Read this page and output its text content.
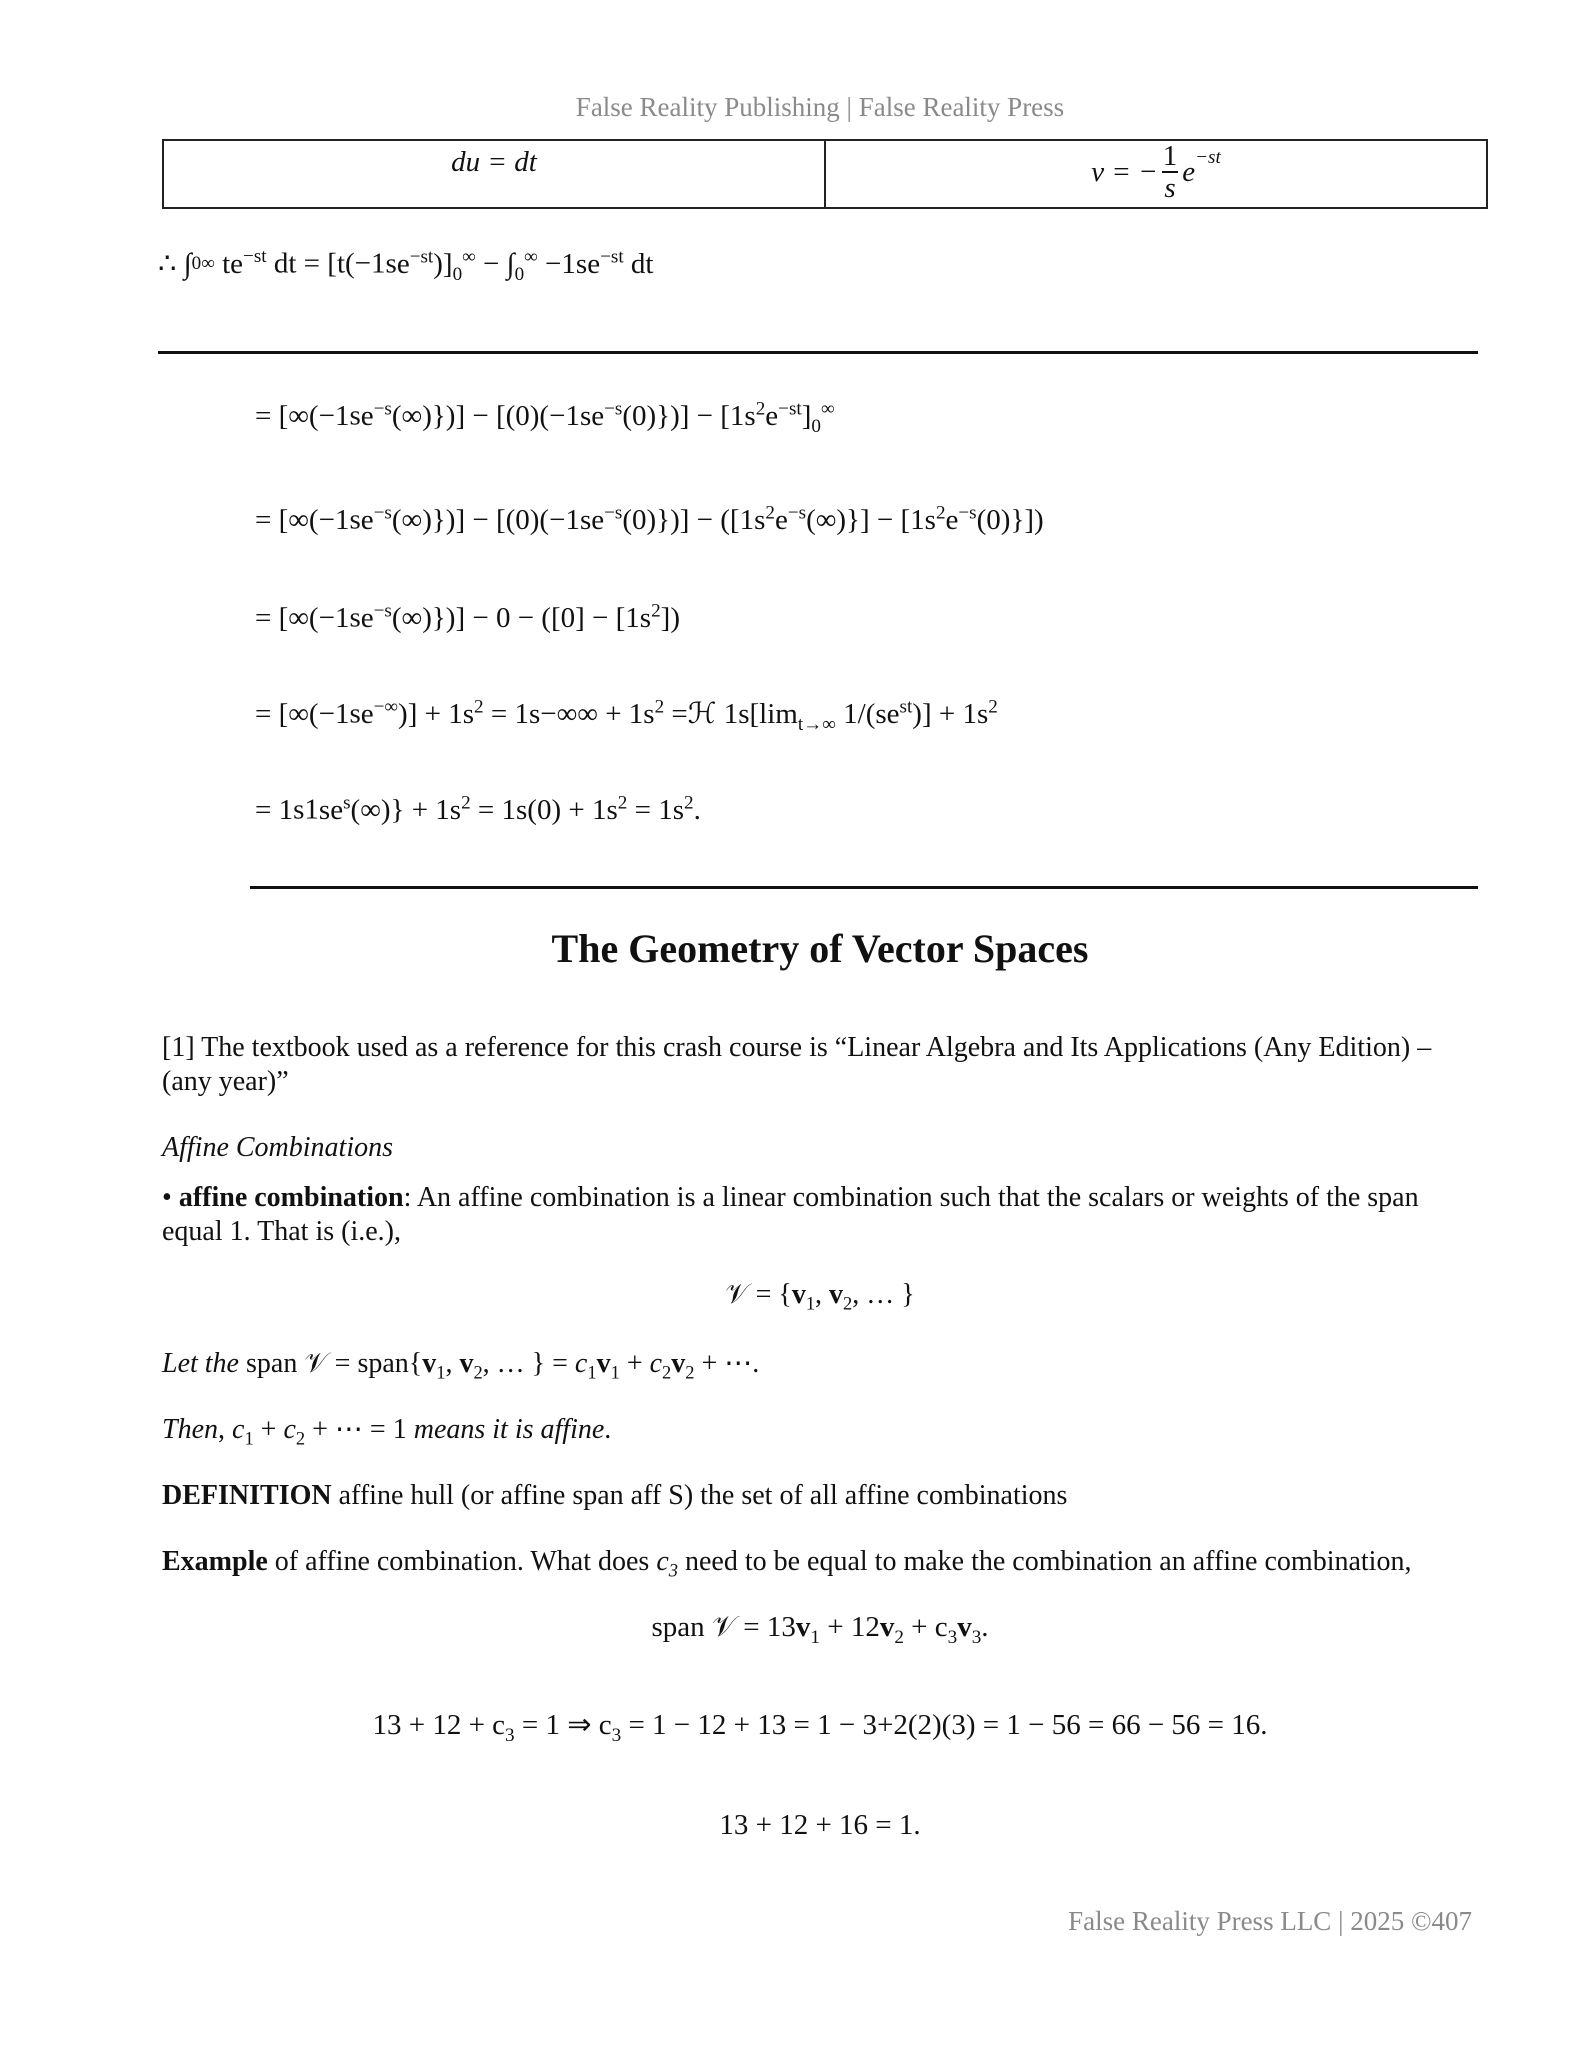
False Reality Publishing | False Reality Press
du = dt	v = − $\frac{1}{s} e^{-st}$
∴ ∫ 0 ∞
te $^{-st}$ dt = $[t(-1se^{-st})]_0^\infty - \int_0^\infty -1se^{-st}$ dt
= [∞(− 1 $se^{-s}(\infty)\})] - [(0)(-1se^{-s}(0)\})] - [1s^2e^{-st}]_0^\infty$
= [∞(− 1 $se^{-s}(\infty)\})] - [(0)(-1se^{-s}(0)\})] - ([1s^2e^{-s}(\infty)\}] - [1s^2e^{-s}(0)\}$])
= [∞(− 1 $se^{-s}(\infty)\})] - 0 - ([0] - [1s^2])$
= [∞(− 1 $se^{-\infty})] + 1s^2 = 1s-\infty\infty + 1s^2$ =ℋ $1s[\lim_{t\to\infty}$ $1/(se^{st})] + 1s^2$
= 1 $s1se^s(\infty)\} + 1s^2 = 1s(0) + 1s^2 = 1s^2$.
The Geometry of Vector Spaces
[1] The textbook used as a reference for this crash course is “Linear Algebra and Its Applications (Any Edition) – (any year)”
Affine Combinations
• affine combination: An affine combination is a linear combination such that the scalars or weights of the span equal 1. That is (i.e.),
𝒱 = {$v_1$, $v_2$, … }
Let the span 𝒱 = $span\{v_1$, $v_2$, … } = $c_1v_1 + c_2v_2$ + ⋯.
Then, $c_1 + c_2$ + ⋯ = 1 means it is affine.
DEFINITION affine hull (or affine span aff S) the set of all affine combinations
Example of affine combination. What does $c_3$ need to be equal to make the combination an affine combination,
span 𝒱 = 1 $3v_1 + 12v_2 + c_3v_3$.
1 $3 + 12 + c_3 = 1$ ⇒ $c_3 = 1 - 12 + 13 = 1 - 3+2(2)(3) = 1 - 56 = 66 - 56 = 16$.
1 3 + 12 + 16 = 1.
False Reality Press LLC | 2025 ©407
